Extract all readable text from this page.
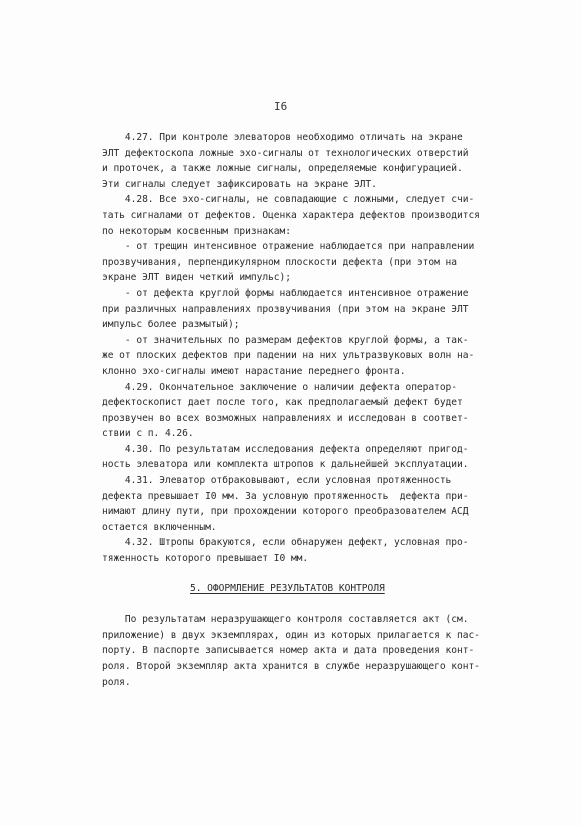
I6
4.27. При контроле элеваторов необходимо отличать на экране
ЭЛТ дефектоскопа ложные эхо-сигналы от технологических отверстий
и проточек, а также ложные сигналы, определяемые конфигурацией.
Эти сигналы следует зафиксировать на экране ЭЛТ.
4.28. Все эхо-сигналы, не совпадающие с ложными, следует счи-
тать сигналами от дефектов. Оценка характера дефектов производится
по некоторым косвенным признакам:
- от трещин интенсивное отражение наблюдается при направлении
прозвучивания, перпендикулярном плоскости дефекта (при этом на
экране ЭЛТ виден четкий импульс);
- от дефекта круглой формы наблюдается интенсивное отражение
при различных направлениях прозвучивания (при этом на экране ЭЛТ
импульс более размытый);
- от значительных по размерам дефектов круглой формы, а так-
же от плоских дефектов при падении на них ультразвуковых волн на-
клонно эхо-сигналы имеют нарастание переднего фронта.
4.29. Окончательное заключение о наличии дефекта оператор-
дефектоскопист дает после того, как предполагаемый дефект будет
прозвучен во всех возможных направлениях и исследован в соответ-
ствии с п. 4.26.
4.30. По результатам исследования дефекта определяют пригод-
ность элеватора или комплекта штропов к дальнейшей эксплуатации.
4.31. Элеватор отбраковывают, если условная протяженность
дефекта превышает I0 мм. За условную протяженность  дефекта при-
нимают длину пути, при прохождении которого преобразователем АСД
остается включенным.
4.32. Штропы бракуются, если обнаружен дефект, условная про-
тяженность которого превышает I0 мм.
5. ОФОРМЛЕНИЕ РЕЗУЛЬТАТОВ КОНТРОЛЯ
По результатам неразрушающего контроля составляется акт (см.
приложение) в двух экземплярах, один из которых прилагается к пас-
порту. В паспорте записывается номер акта и дата проведения конт-
роля. Второй экземпляр акта хранится в службе неразрушающего конт-
роля.
